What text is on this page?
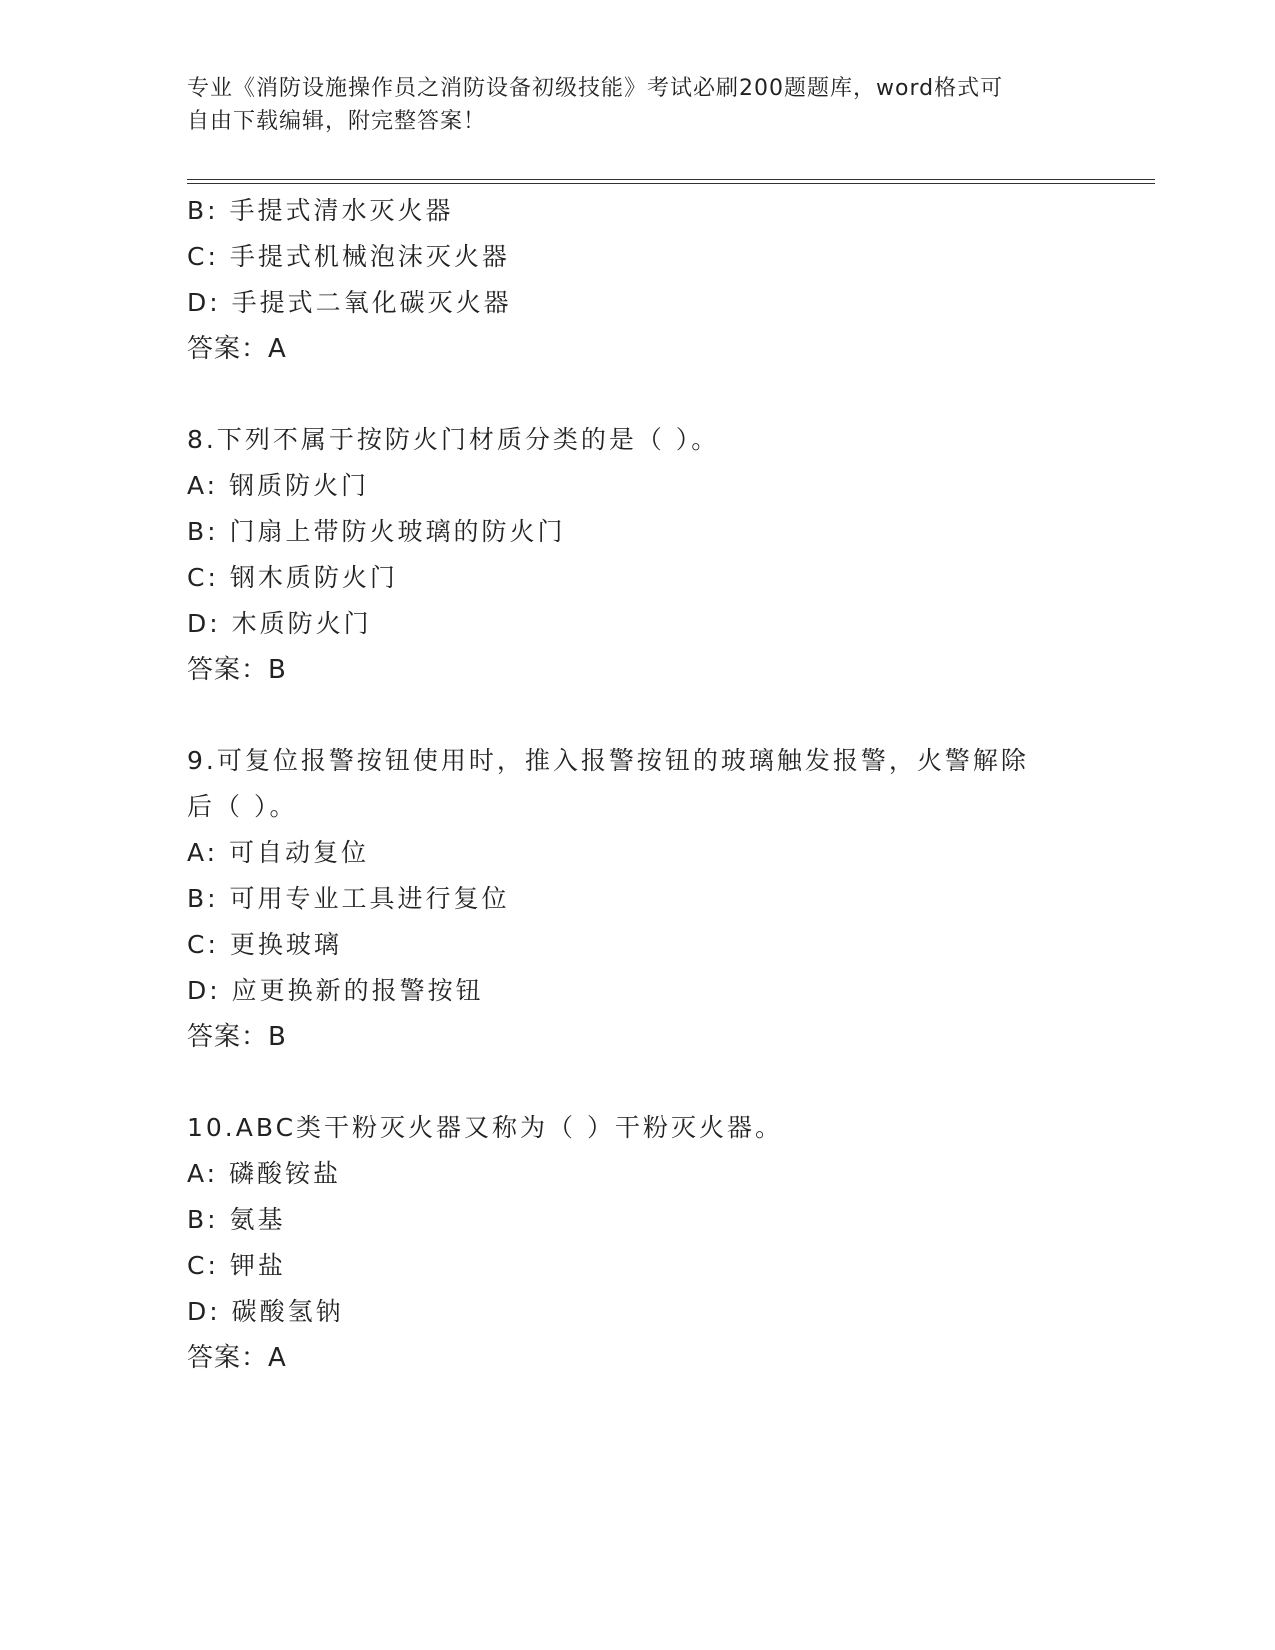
专业《消防设施操作员之消防设备初级技能》考试必刷200题题库，word格式可
自由下载编辑，附完整答案！
B: 手提式清水灭火器
C: 手提式机械泡沫灭火器
D: 手提式二氧化碳灭火器
答案：A
8.下列不属于按防火门材质分类的是（ ）。
A: 钢质防火门
B: 门扇上带防火玻璃的防火门
C: 钢木质防火门
D: 木质防火门
答案：B
9.可复位报警按钮使用时，推入报警按钮的玻璃触发报警，火警解除
后（ ）。
A: 可自动复位
B: 可用专业工具进行复位
C: 更换玻璃
D: 应更换新的报警按钮
答案：B
10.ABC类干粉灭火器又称为（ ）干粉灭火器。
A: 磷酸铵盐
B: 氨基
C: 钾盐
D: 碳酸氢钠
答案：A
